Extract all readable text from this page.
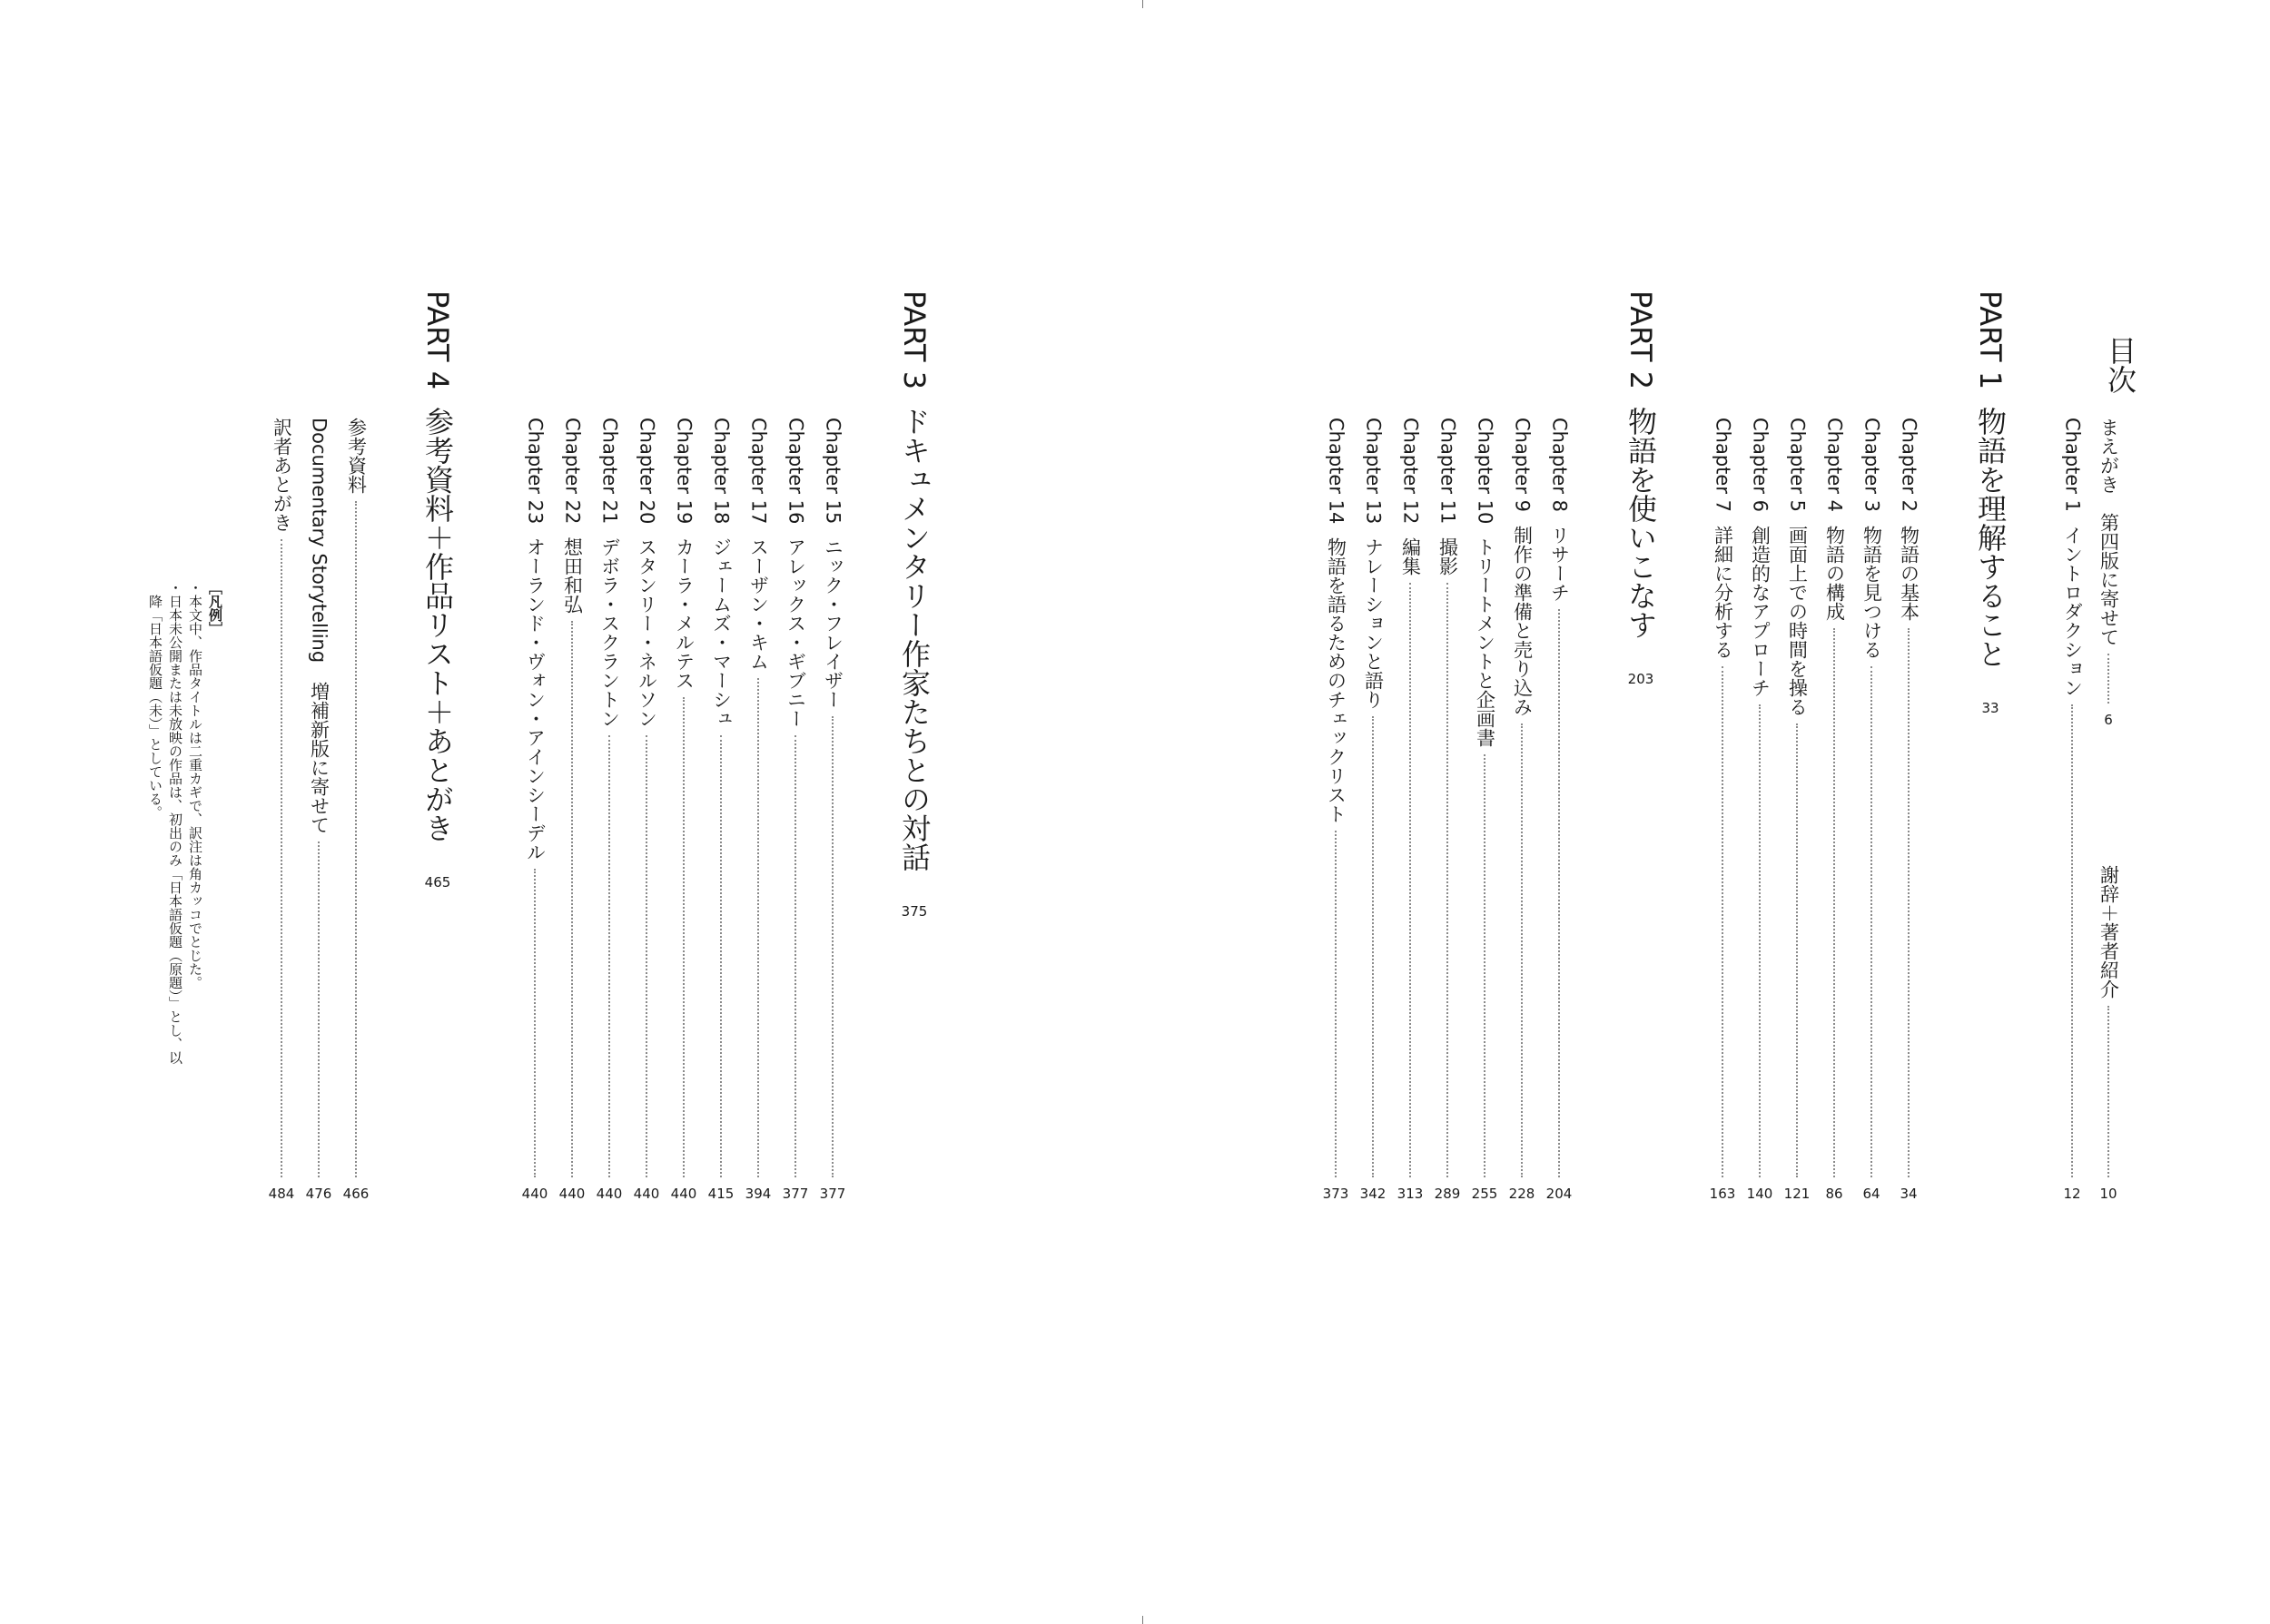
目次
まえがき　第四版に寄せて
6
謝辞＋著者紹介
10
Chapter 1
イントロダクション
12
PART 1
物語を理解すること
33
Chapter 2
物語の基本
34
Chapter 3
物語を見つける
64
Chapter 4
物語の構成
86
Chapter 5
画面上での時間を操る
121
Chapter 6
創造的なアプローチ
140
Chapter 7
詳細に分析する
163
PART 2
物語を使いこなす
203
Chapter 8
リサーチ
204
Chapter 9
制作の準備と売り込み
228
Chapter 10
トリートメントと企画書
255
Chapter 11
撮影
289
Chapter 12
編集
313
Chapter 13
ナレーションと語り
342
Chapter 14
物語を語るためのチェックリスト
373
PART 3
ドキュメンタリー作家たちとの対話
375
Chapter 15
ニック・フレイザー
377
Chapter 16
アレックス・ギブニー
377
Chapter 17
スーザン・キム
394
Chapter 18
ジェームズ・マーシュ
415
Chapter 19
カーラ・メルテス
440
Chapter 20
スタンリー・ネルソン
440
Chapter 21
デボラ・スクラントン
440
Chapter 22
想田和弘
440
Chapter 23
オーランド・ヴォン・アインシーデル
440
PART 4
参考資料＋作品リスト＋あとがき
465
参考資料
466
Documentary Storytelling　増補新版に寄せて
476
訳者あとがき
484
［凡例］
・本文中、作品タイトルは二重カギで、訳注は角カッコでとじた。
・日本未公開または未放映の作品は、初出のみ「日本語仮題（原題）」とし、以
　降「日本語仮題（未）」としている。
